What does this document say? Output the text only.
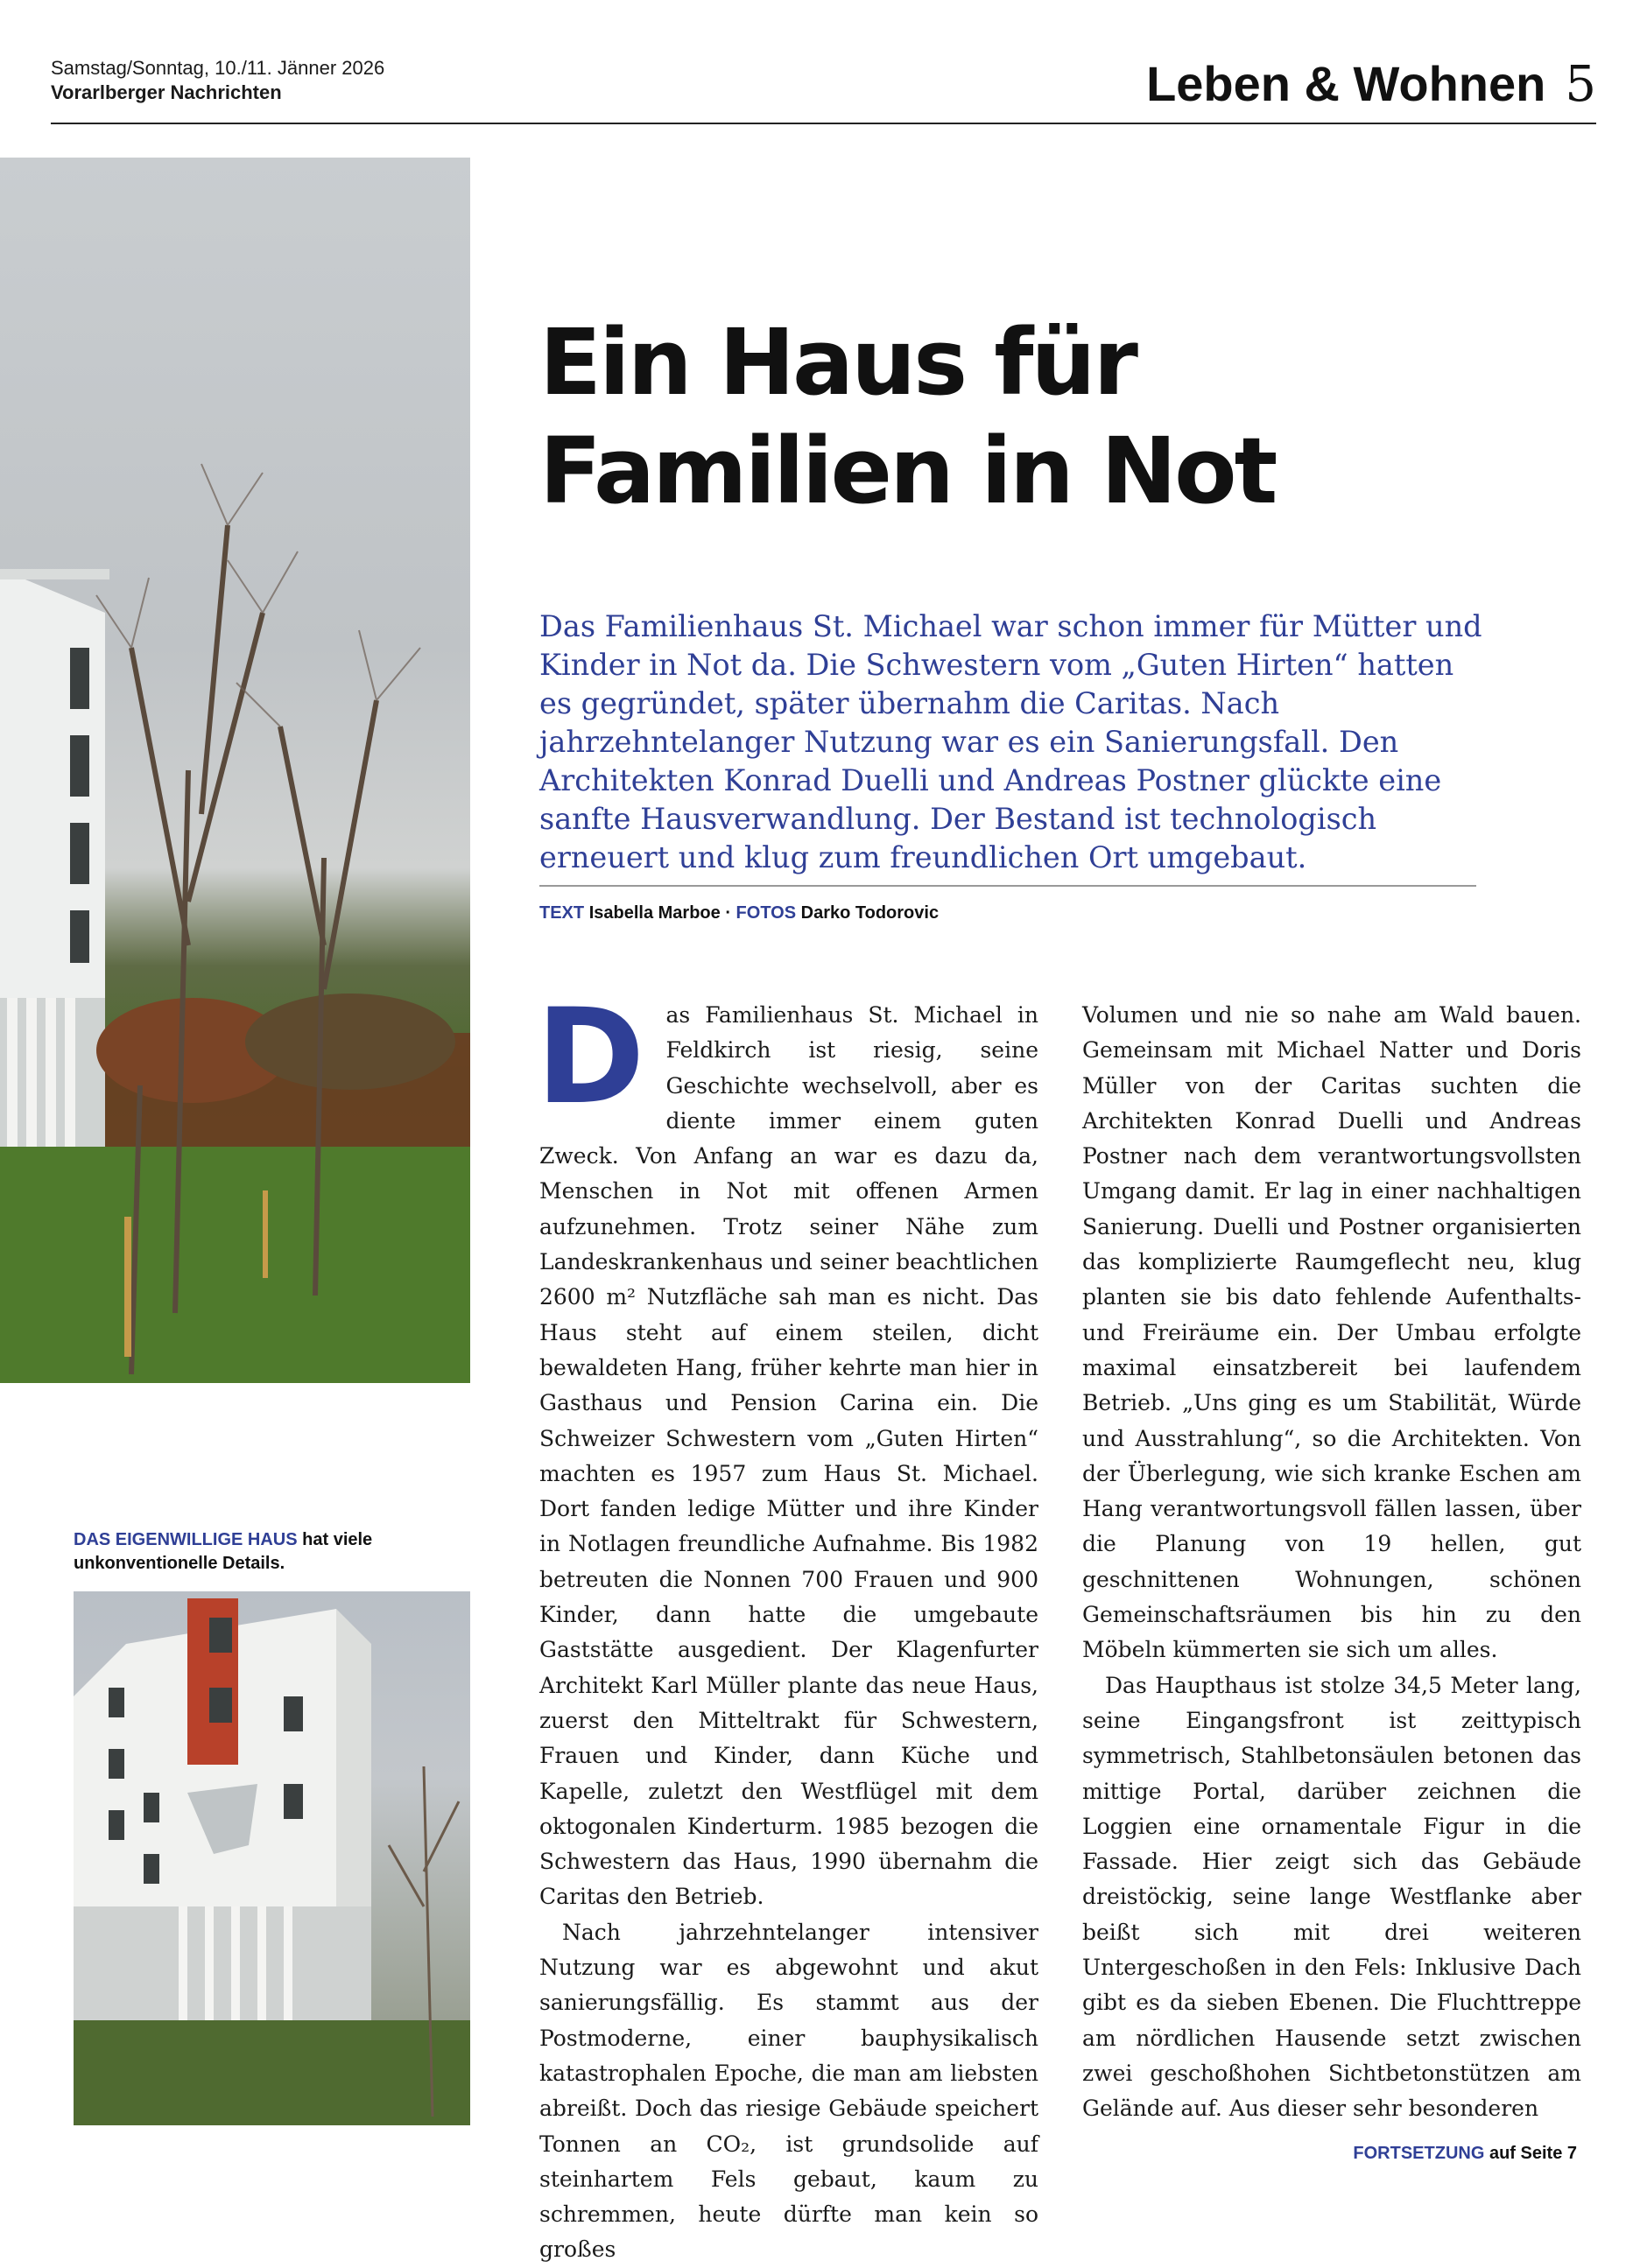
Samstag/Sonntag, 10./11. Jänner 2026
Vorarlberger Nachrichten	Leben & Wohnen 5
Ein Haus für
Familien in Not

Das Familienhaus St. Michael war schon immer für Mütter und Kinder in Not da. Die Schwestern vom „Guten Hirten“ hatten es gegründet, später übernahm die Caritas. Nach jahrzehntelanger Nutzung war es ein Sanierungsfall. Den Architekten Konrad Duelli und Andreas Postner glückte eine sanfte Hausverwandlung. Der Bestand ist technologisch erneuert und klug zum freundlichen Ort umgebaut.

TEXT Isabella Marboe · FOTOS Darko Todorovic

Das Familienhaus St. Michael in Feldkirch ist riesig, seine Geschichte wechselvoll, aber es diente immer einem guten Zweck. Von Anfang an war es dazu da, Menschen in Not mit offenen Armen aufzunehmen. Trotz seiner Nähe zum Landeskrankenhaus und seiner beachtlichen 2600 m² Nutzfläche sah man es nicht. Das Haus steht auf einem steilen, dicht bewaldeten Hang, früher kehrte man hier in Gasthaus und Pension Carina ein. Die Schweizer Schwestern vom „Guten Hirten“ machten es 1957 zum Haus St. Michael. Dort fanden ledige Mütter und ihre Kinder in Notlagen freundliche Aufnahme. Bis 1982 betreuten die Nonnen 700 Frauen und 900 Kinder, dann hatte die umgebaute Gaststätte ausgedient. Der Klagenfurter Architekt Karl Müller plante das neue Haus, zuerst den Mitteltrakt für Schwestern, Frauen und Kinder, dann Küche und Kapelle, zuletzt den Westflügel mit dem oktogonalen Kinderturm. 1985 bezogen die Schwestern das Haus, 1990 übernahm die Caritas den Betrieb.

Nach jahrzehntelanger intensiver Nutzung war es abgewohnt und akut sanierungsfällig. Es stammt aus der Postmoderne, einer bauphysikalisch katastrophalen Epoche, die man am liebsten abreißt. Doch das riesige Gebäude speichert Tonnen an CO₂, ist grundsolide auf steinhartem Fels gebaut, kaum zu schremmen, heute dürfte man kein so großes

Volumen und nie so nahe am Wald bauen. Gemeinsam mit Michael Natter und Doris Müller von der Caritas suchten die Architekten Konrad Duelli und Andreas Postner nach dem verantwortungsvollsten Umgang damit. Er lag in einer nachhaltigen Sanierung. Duelli und Postner organisierten das komplizierte Raumgeflecht neu, klug planten sie bis dato fehlende Aufenthalts- und Freiräume ein. Der Umbau erfolgte maximal einsatzbereit bei laufendem Betrieb. „Uns ging es um Stabilität, Würde und Ausstrahlung“, so die Architekten. Von der Überlegung, wie sich kranke Eschen am Hang verantwortungsvoll fällen lassen, über die Planung von 19 hellen, gut geschnittenen Wohnungen, schönen Gemeinschaftsräumen bis hin zu den Möbeln kümmerten sie sich um alles.

Das Haupthaus ist stolze 34,5 Meter lang, seine Eingangsfront ist zeittypisch symmetrisch, Stahlbetonsäulen betonen das mittige Portal, darüber zeichnen die Loggien eine ornamentale Figur in die Fassade. Hier zeigt sich das Gebäude dreistöckig, seine lange Westflanke aber beißt sich mit drei weiteren Untergeschoßen in den Fels: Inklusive Dach gibt es da sieben Ebenen. Die Fluchttreppe am nördlichen Hausende setzt zwischen zwei geschoßhohen Sichtbetonstützen am Gelände auf. Aus dieser sehr besonderen

DAS EIGENWILLIGE HAUS hat viele unkonventionelle Details.
FORTSETZUNG auf Seite 7
